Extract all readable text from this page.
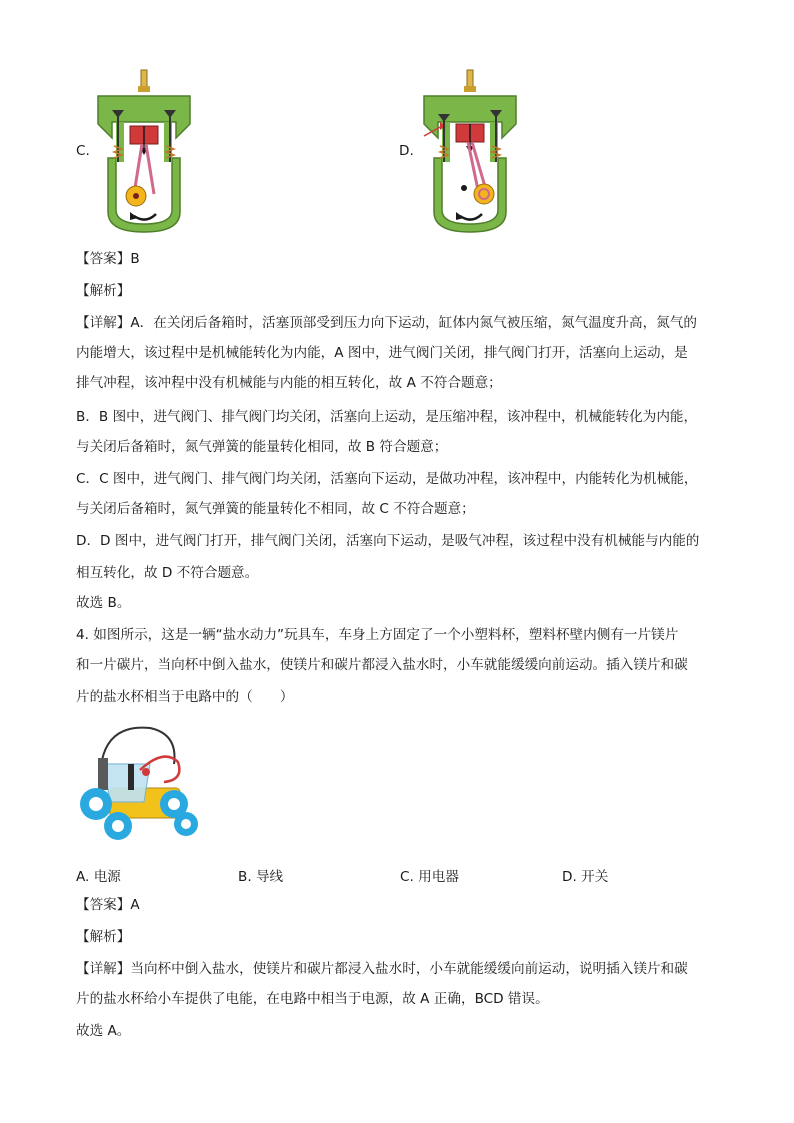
C.	D.
【答案】B
【解析】
【详解】A．在关闭后备箱时，活塞顶部受到压力向下运动，缸体内氮气被压缩，氮气温度升高，氮气的
内能增大，该过程中是机械能转化为内能，A 图中，进气阀门关闭，排气阀门打开，活塞向上运动，是
排气冲程，该冲程中没有机械能与内能的相互转化，故 A 不符合题意；
B．B 图中，进气阀门、排气阀门均关闭，活塞向上运动，是压缩冲程，该冲程中，机械能转化为内能，
与关闭后备箱时，氮气弹簧的能量转化相同，故 B 符合题意；
C．C 图中，进气阀门、排气阀门均关闭，活塞向下运动，是做功冲程，该冲程中，内能转化为机械能，
与关闭后备箱时，氮气弹簧的能量转化不相同，故 C 不符合题意；
D．D 图中，进气阀门打开，排气阀门关闭，活塞向下运动，是吸气冲程，该过程中没有机械能与内能的
相互转化，故 D 不符合题意。
故选 B。
4. 如图所示，这是一辆“盐水动力”玩具车，车身上方固定了一个小塑料杯，塑料杯壁内侧有一片镁片
和一片碳片，当向杯中倒入盐水，使镁片和碳片都浸入盐水时，小车就能缓缓向前运动。插入镁片和碳
片的盐水杯相当于电路中的（　　）
A. 电源	B. 导线	C. 用电器	D. 开关
【答案】A
【解析】
【详解】当向杯中倒入盐水，使镁片和碳片都浸入盐水时，小车就能缓缓向前运动，说明插入镁片和碳
片的盐水杯给小车提供了电能，在电路中相当于电源，故 A 正确，BCD 错误。
故选 A。
